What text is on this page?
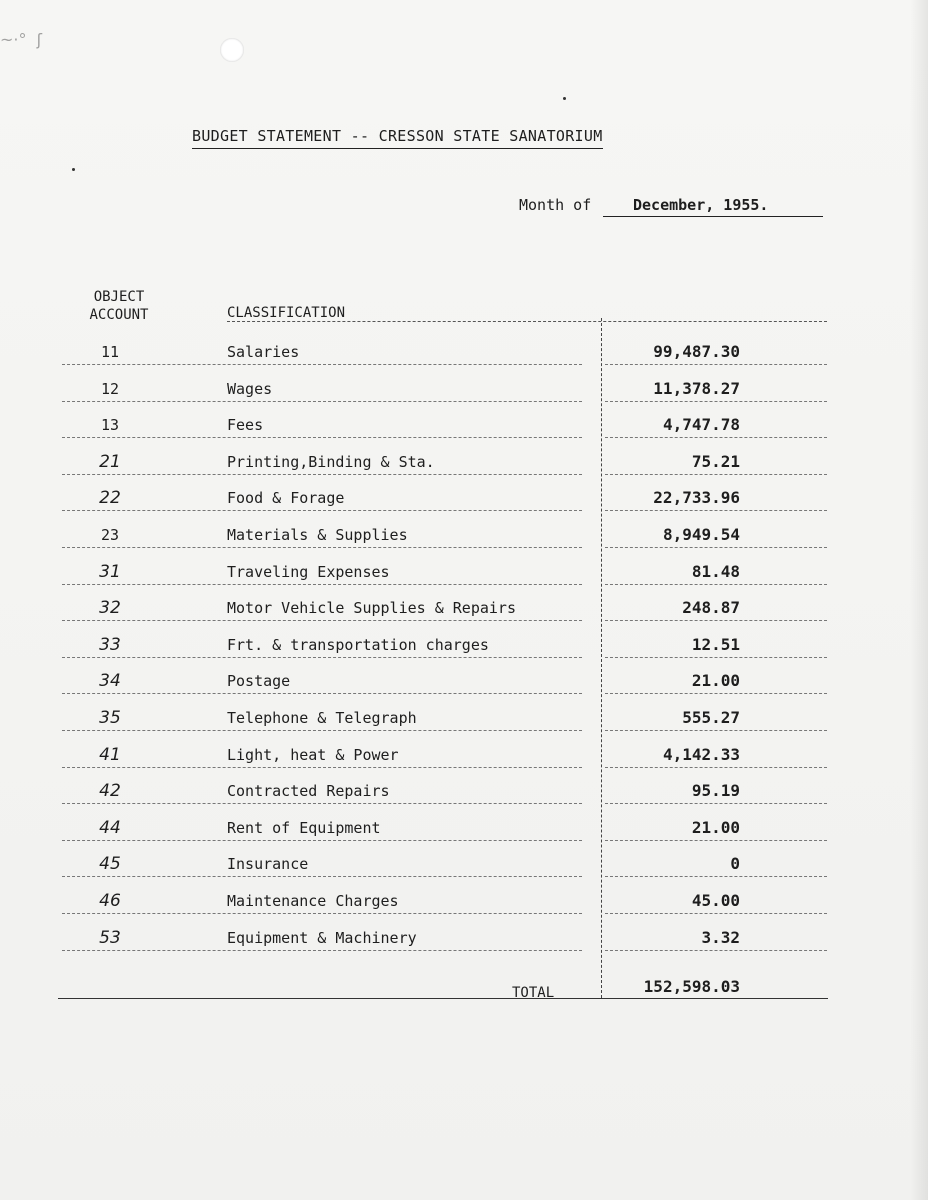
~·°  ʃ
BUDGET STATEMENT -- CRESSON STATE SANATORIUM
Month of	December, 1955.
OBJECT
ACCOUNT	CLASSIFICATION
11	Salaries	99,487.30
12	Wages	11,378.27
13	Fees	4,747.78
21	Printing,Binding & Sta.	75.21
22	Food & Forage	22,733.96
23	Materials & Supplies	8,949.54
31	Traveling Expenses	81.48
32	Motor Vehicle Supplies & Repairs	248.87
33	Frt. & transportation charges	12.51
34	Postage	21.00
35	Telephone & Telegraph	555.27
41	Light, heat & Power	4,142.33
42	Contracted Repairs	95.19
44	Rent of Equipment	21.00
45	Insurance	0
46	Maintenance Charges	45.00
53	Equipment & Machinery	3.32
TOTAL	152,598.03
